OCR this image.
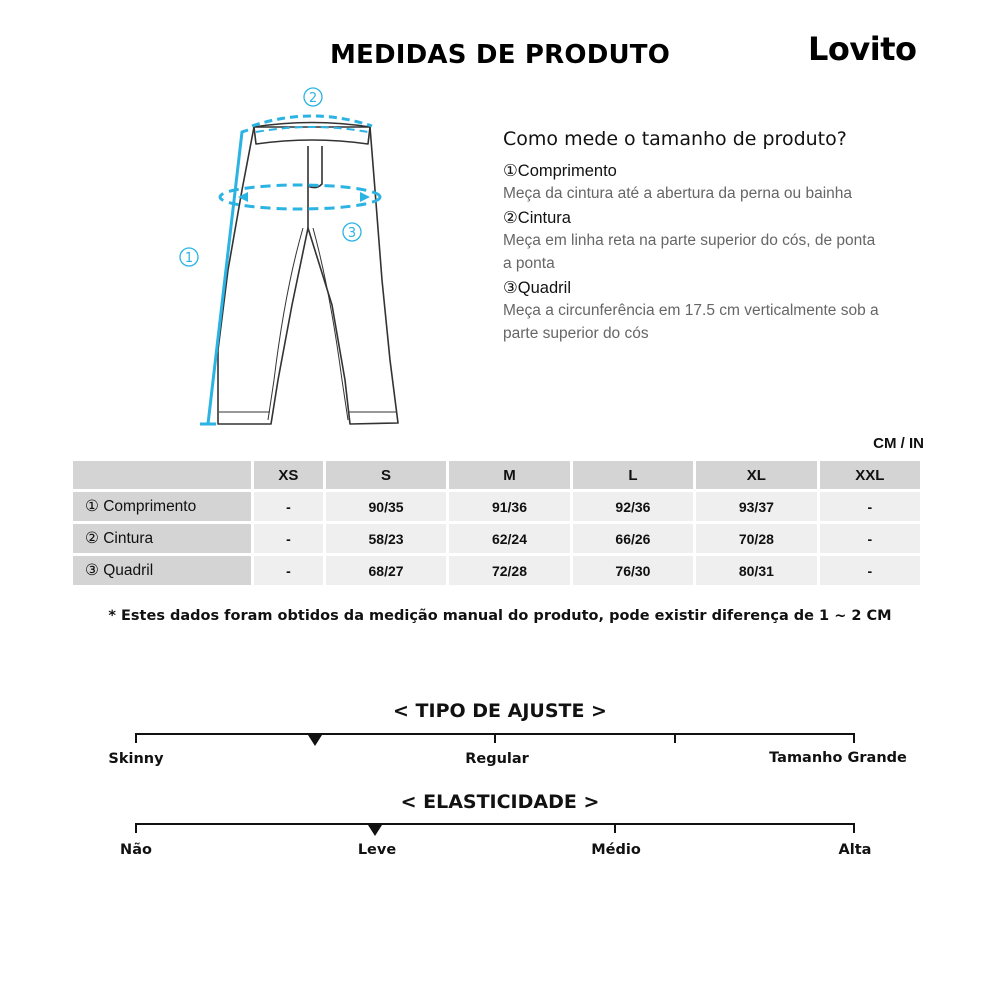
MEDIDAS DE PRODUTO	Lovito
2
3
1
Como mede o tamanho de produto?
①Comprimento
Meça da cintura até a abertura da perna ou bainha
②Cintura
Meça em linha reta na parte superior do cós, de ponta a ponta
③Quadril
Meça a circunferência em 17.5 cm verticalmente sob a parte superior do cós
CM / IN
	XS	S	M	L	XL	XXL
① Comprimento	-	90/35	91/36	92/36	93/37	-
② Cintura	-	58/23	62/24	66/26	70/28	-
③ Quadril	-	68/27	72/28	76/30	80/31	-
* Estes dados foram obtidos da medição manual do produto, pode existir diferença de 1 ~ 2 CM
< TIPO DE AJUSTE >
Skinny	Regular	Tamanho Grande
< ELASTICIDADE >
Não	Leve	Médio	Alta
